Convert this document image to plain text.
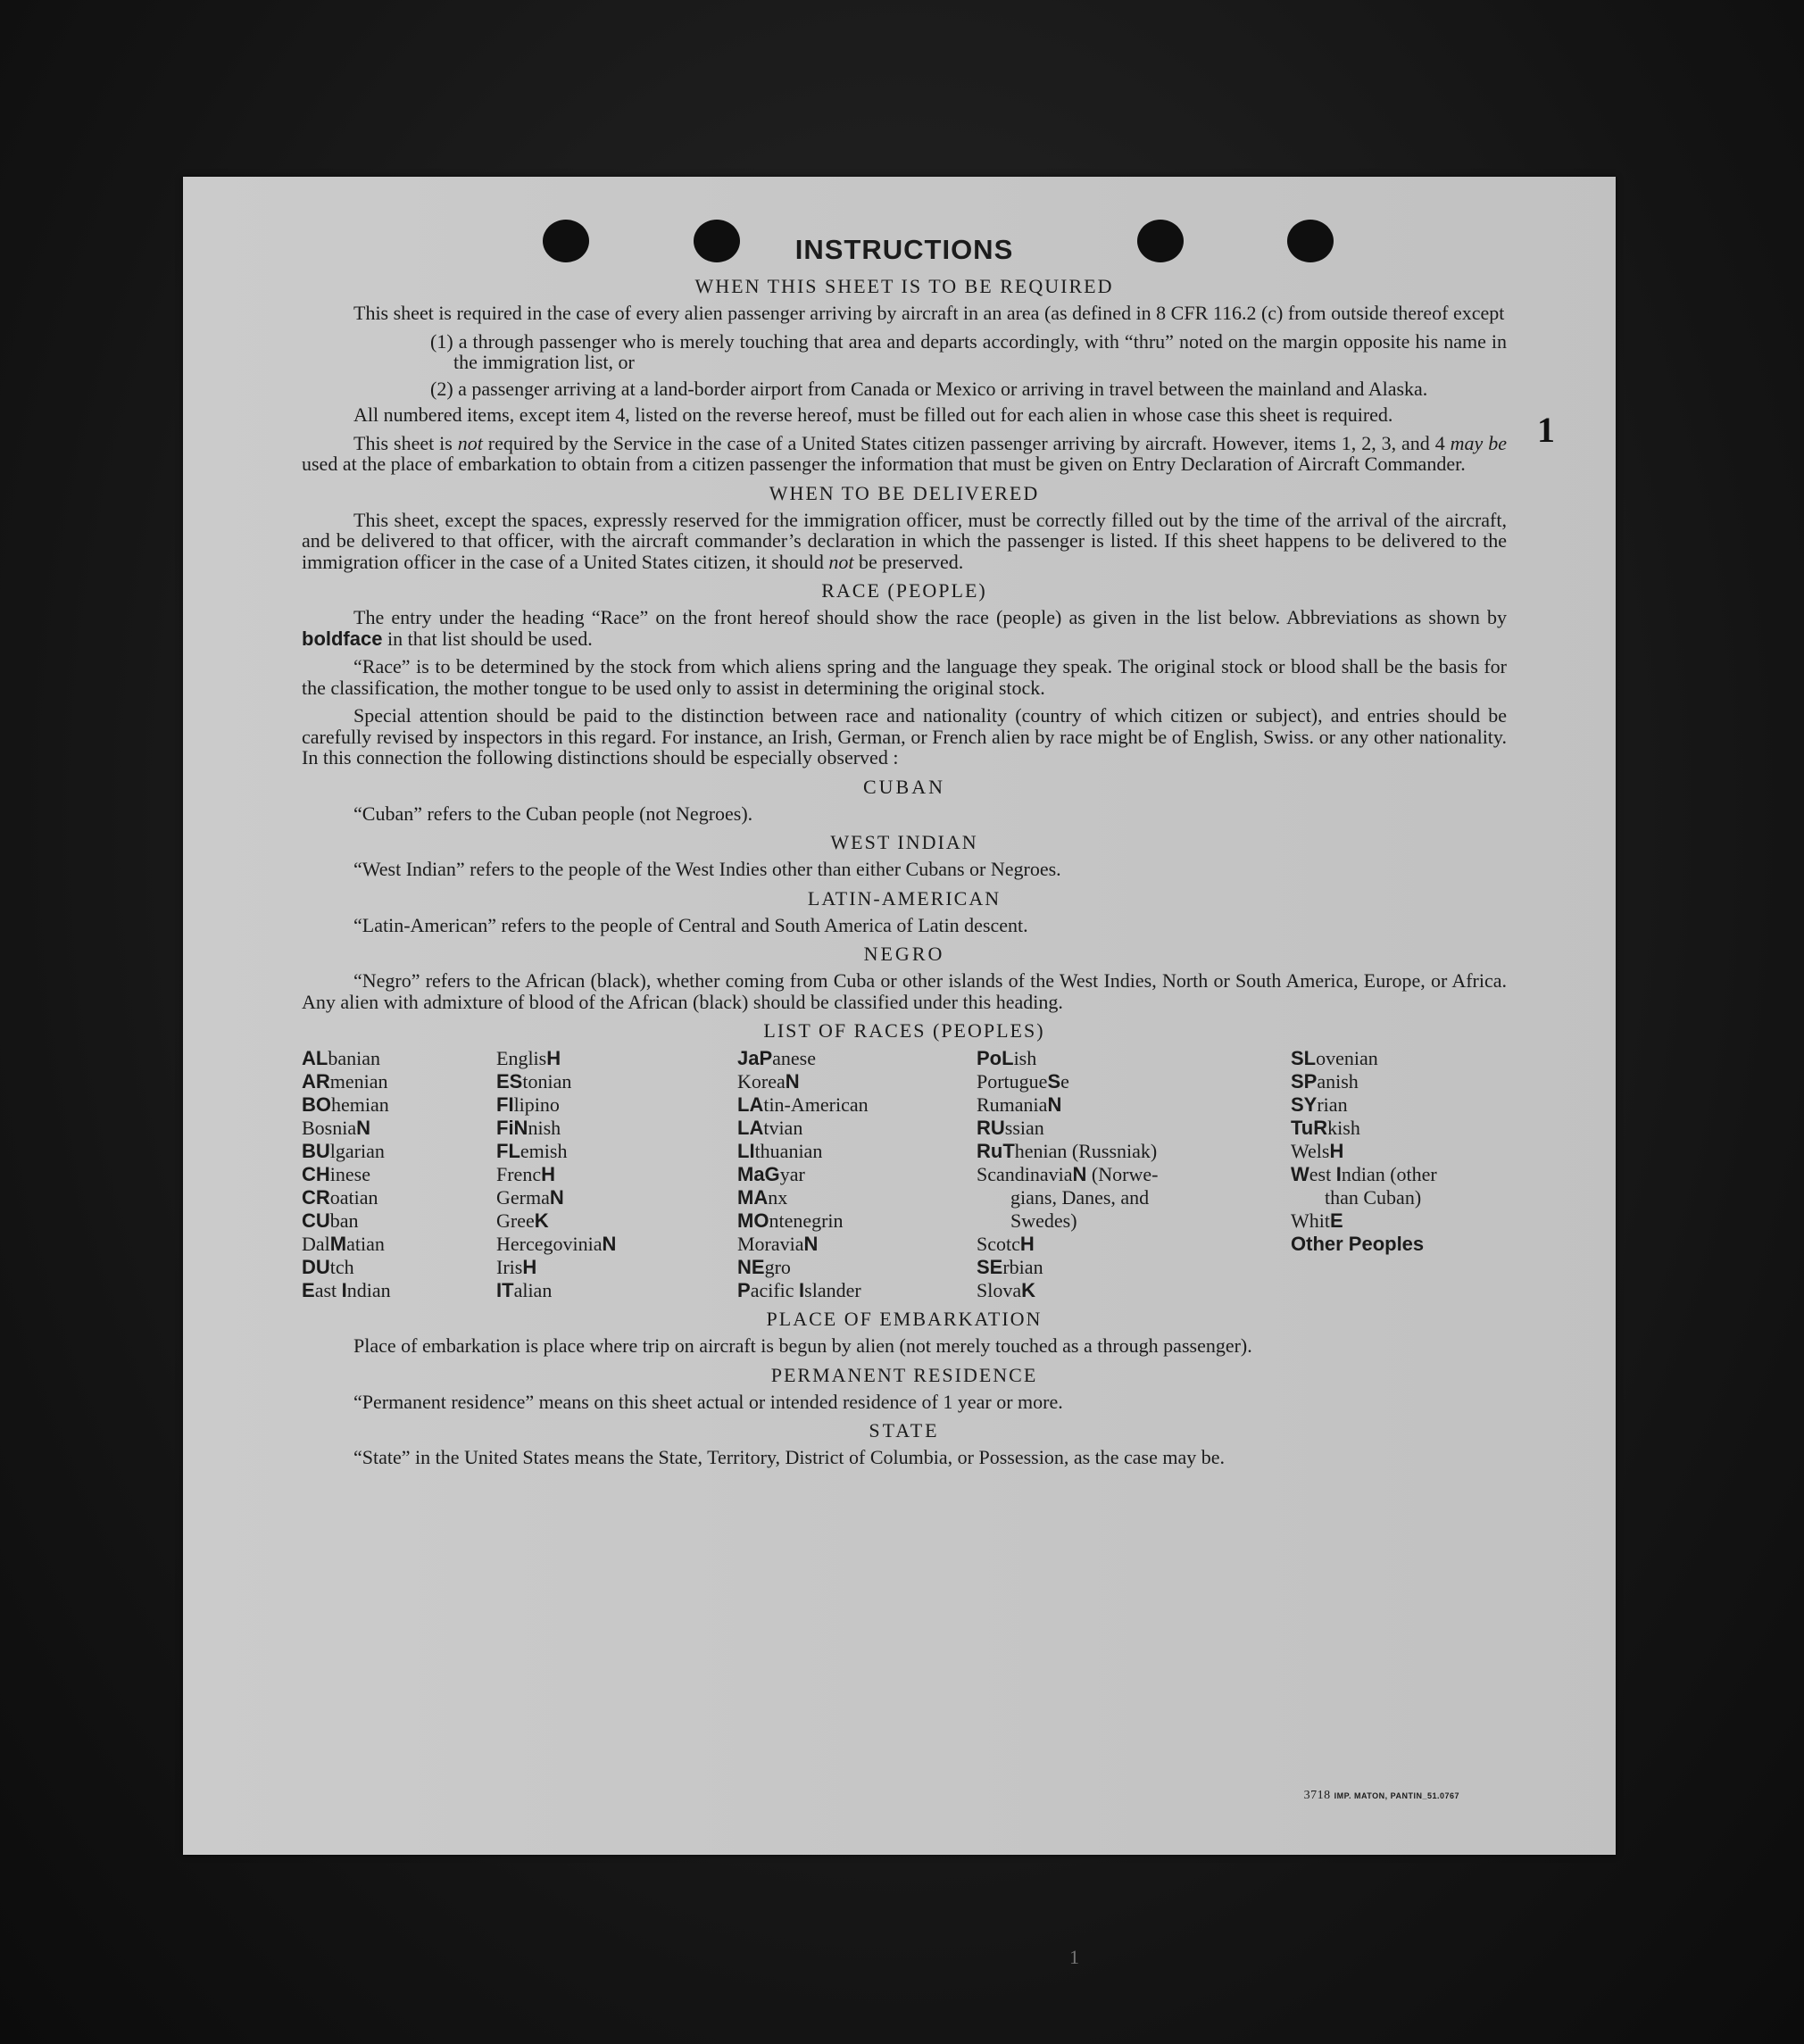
INSTRUCTIONS
WHEN THIS SHEET IS TO BE REQUIRED

This sheet is required in the case of every alien passenger arriving by aircraft in an area (as defined in 8 CFR 116.2 (c) from outside thereof except

(1) a through passenger who is merely touching that area and departs accordingly, with “thru” noted on the margin opposite his name in the immigration list, or

(2) a passenger arriving at a land-border airport from Canada or Mexico or arriving in travel between the mainland and Alaska.

All numbered items, except item 4, listed on the reverse hereof, must be filled out for each alien in whose case this sheet is required.

This sheet is not required by the Service in the case of a United States citizen passenger arriving by aircraft. However, items 1, 2, 3, and 4 may be used at the place of embarkation to obtain from a citizen passenger the information that must be given on Entry Declaration of Aircraft Commander.

WHEN TO BE DELIVERED

This sheet, except the spaces, expressly reserved for the immigration officer, must be correctly filled out by the time of the arrival of the aircraft, and be delivered to that officer, with the aircraft commander’s declaration in which the passenger is listed. If this sheet happens to be delivered to the immigration officer in the case of a United States citizen, it should not be preserved.

RACE (PEOPLE)

The entry under the heading “Race” on the front hereof should show the race (people) as given in the list below. Abbreviations as shown by boldface in that list should be used.

“Race” is to be determined by the stock from which aliens spring and the language they speak. The original stock or blood shall be the basis for the classification, the mother tongue to be used only to assist in determining the original stock.

Special attention should be paid to the distinction between race and nationality (country of which citizen or subject), and entries should be carefully revised by inspectors in this regard. For instance, an Irish, German, or French alien by race might be of English, Swiss. or any other nationality. In this connection the following distinctions should be especially observed :

CUBAN

“Cuban” refers to the Cuban people (not Negroes).

WEST INDIAN

“West Indian” refers to the people of the West Indies other than either Cubans or Negroes.

LATIN-AMERICAN

“Latin-American” refers to the people of Central and South America of Latin descent.

NEGRO

“Negro” refers to the African (black), whether coming from Cuba or other islands of the West Indies, North or South America, Europe, or Africa. Any alien with admixture of blood of the African (black) should be classified under this heading.

LIST OF RACES (PEOPLES)
ALbanian
ARmenian
BOhemian
BosniaN
BUlgarian
CHinese
CRoatian
CUban
DalMatian
DUtch
East Indian
EnglisH
EStonian
FIlipino
FiNnish
FLemish
FrencH
GermaN
GreeK
HercegoviniaN
IrisH
ITalian
JaPanese
KoreaN
LAtin-American
LAtvian
LIthuanian
MaGyar
MAnx
MOntenegrin
MoraviaN
NEgro
Pacific Islander
PoLish
PortugueSe
RumaniaN
RUssian
RuThenian (Russniak)
ScandinaviaN (Norwe-
gians, Danes, and
Swedes)
ScotcH
SErbian
SlovaK
SLovenian
SPanish
SYrian
TuRkish
WelsH
West Indian (other
than Cuban)
WhitE
Other Peoples
PLACE OF EMBARKATION

Place of embarkation is place where trip on aircraft is begun by alien (not merely touched as a through passenger).

PERMANENT RESIDENCE

“Permanent residence” means on this sheet actual or intended residence of 1 year or more.

STATE

“State” in the United States means the State, Territory, District of Columbia, or Possession, as the case may be.

3718 IMP. MATON, PANTIN_51.0767
1
1
